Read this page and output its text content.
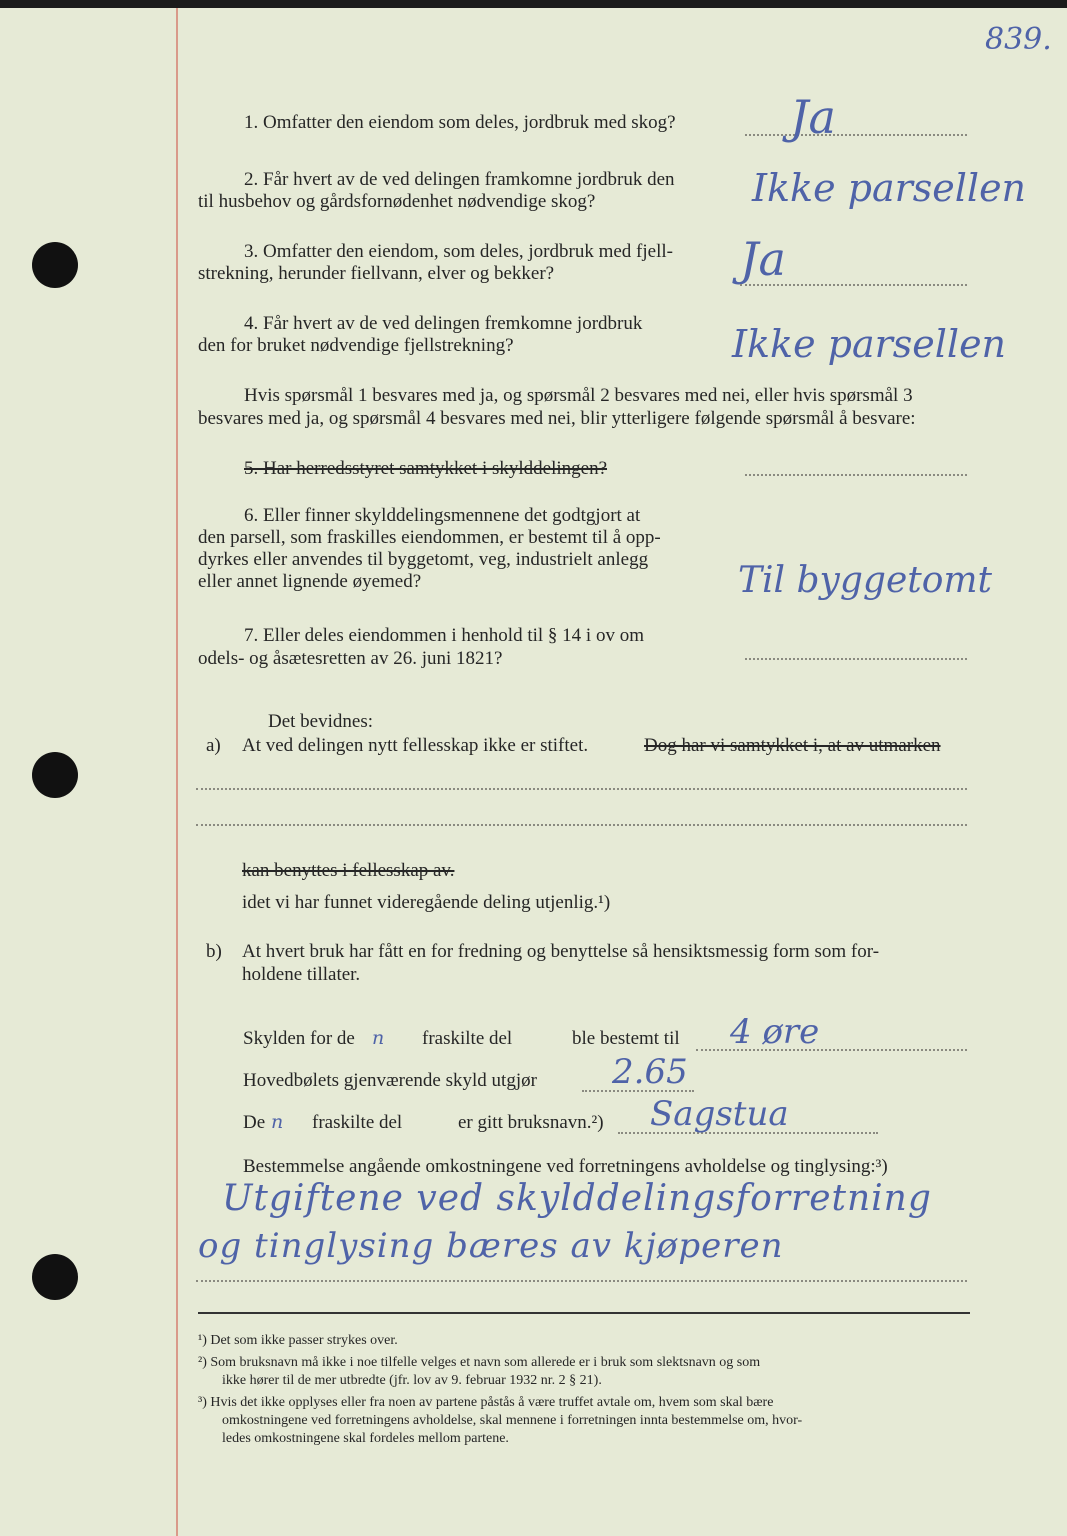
839.
1. Omfatter den eiendom som deles, jordbruk med skog? Ja
2. Får hvert av de ved delingen framkomne jordbruk den
til husbehov og gårdsfornødenhet nødvendige skog?	Ikke parsellen
3. Omfatter den eiendom, som deles, jordbruk med fjell-
strekning, herunder fiellvann, elver og bekker?	Ja
4. Får hvert av de ved delingen fremkomne jordbruk
den for bruket nødvendige fjellstrekning?	Ikke parsellen
Hvis spørsmål 1 besvares med ja, og spørsmål 2 besvares med nei, eller hvis spørsmål 3
besvares med ja, og spørsmål 4 besvares med nei, blir ytterligere følgende spørsmål å besvare:
5. Har herredsstyret samtykket i skylddelingen?
6. Eller finner skylddelingsmennene det godtgjort at
den parsell, som fraskilles eiendommen, er bestemt til å opp-
dyrkes eller anvendes til byggetomt, veg, industrielt anlegg
eller annet lignende øyemed?	Til byggetomt
7. Eller deles eiendommen i henhold til § 14 i ov om
odels- og åsætesretten av 26. juni 1821?
Det bevidnes:
a) At ved delingen nytt fellesskap ikke er stiftet.	Dog har vi samtykket i, at av utmarken
kan benyttes i fellesskap av.
idet vi har funnet videregående deling utjenlig.¹)
b) At hvert bruk har fått en for fredning og benyttelse så hensiktsmessig form som for-
holdene tillater.
Skylden for de n fraskilte del	ble bestemt til 4 øre
Hovedbølets gjenværende skyld utgjør 2.65
De n fraskilte del	er gitt bruksnavn.²) Sagstua
Bestemmelse angående omkostningene ved forretningens avholdelse og tinglysing:³)
Utgiftene ved skylddelingsforretning
og tinglysing bæres av kjøperen
¹) Det som ikke passer strykes over.
²) Som bruksnavn må ikke i noe tilfelle velges et navn som allerede er i bruk som slektsnavn og som
ikke hører til de mer utbredte (jfr. lov av 9. februar 1932 nr. 2 § 21).
³) Hvis det ikke opplyses eller fra noen av partene påstås å være truffet avtale om, hvem som skal bære
omkostningene ved forretningens avholdelse, skal mennene i forretningen innta bestemmelse om, hvor-
ledes omkostningene skal fordeles mellom partene.
